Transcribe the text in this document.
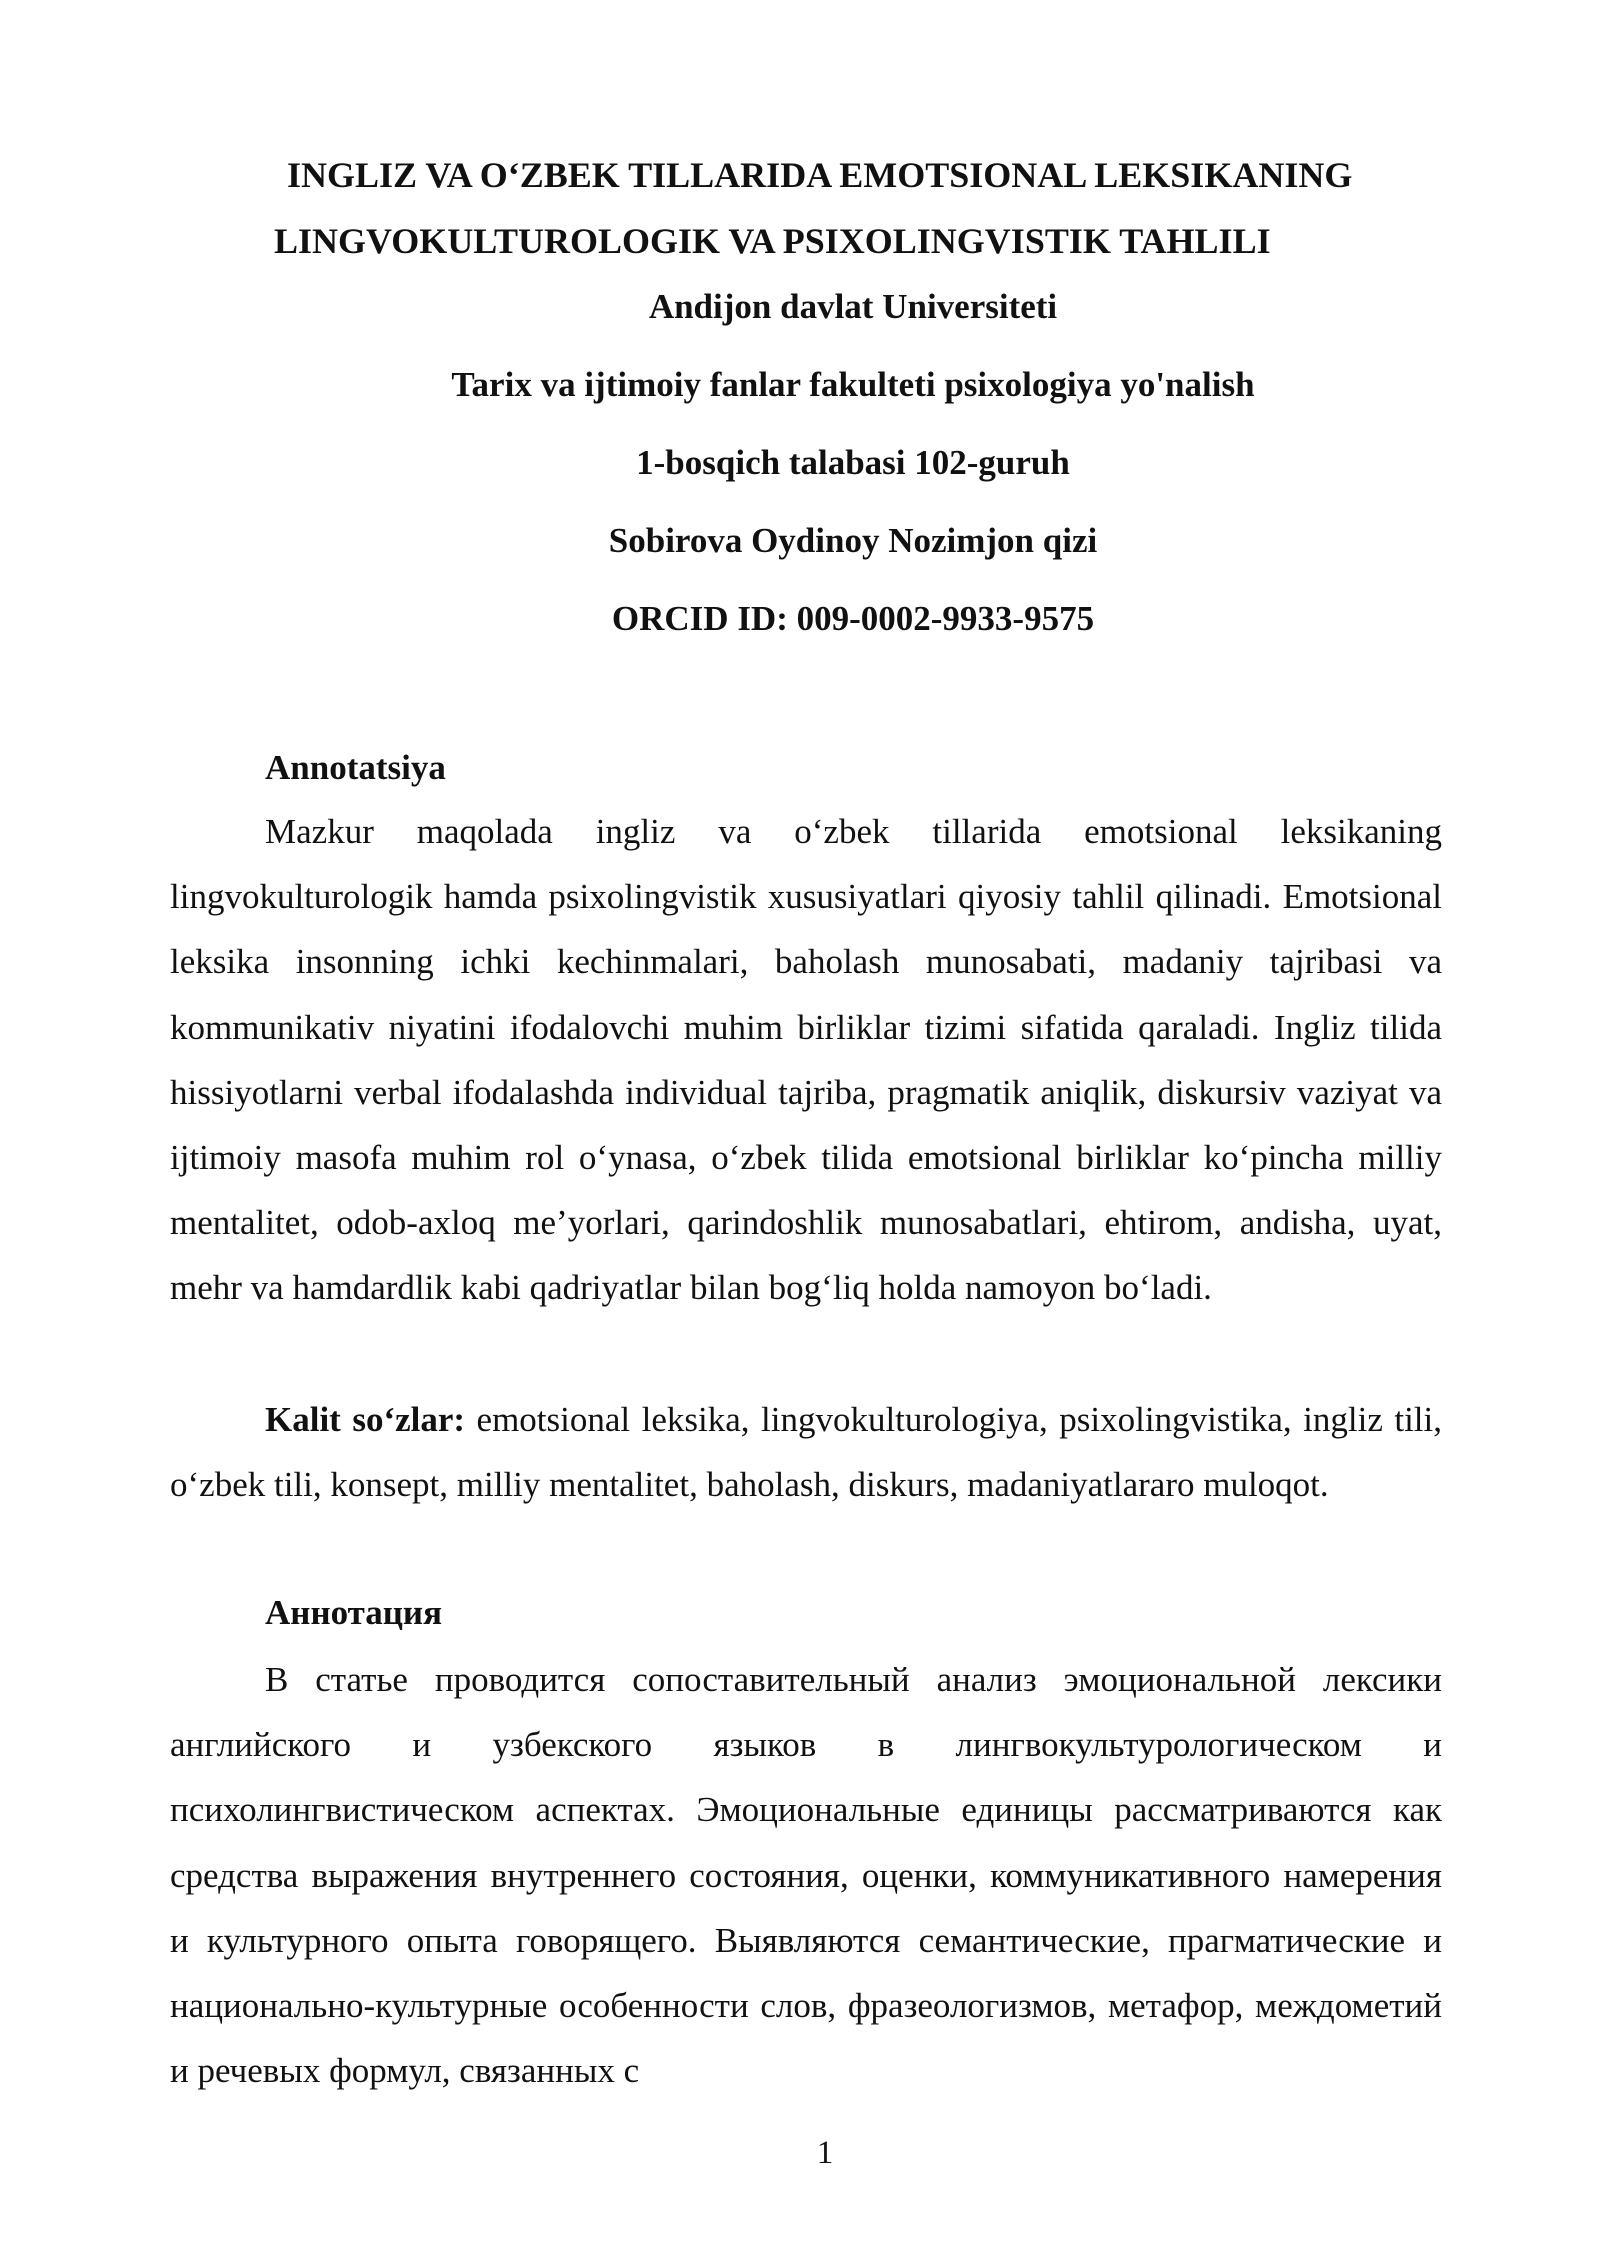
INGLIZ VA O‘ZBEK TILLARIDA EMOTSIONAL LEKSIKANING
LINGVOKULTUROLOGIK VA PSIXOLINGVISTIK TAHLILI
Andijon davlat Universiteti
Tarix va ijtimoiy fanlar fakulteti psixologiya yo'nalish
1-bosqich talabasi 102-guruh
Sobirova Oydinoy Nozimjon qizi
ORCID ID: 009-0002-9933-9575
Annotatsiya

Mazkur maqolada ingliz va o‘zbek tillarida emotsional leksikaning lingvokulturologik hamda psixolingvistik xususiyatlari qiyosiy tahlil qilinadi. Emotsional leksika insonning ichki kechinmalari, baholash munosabati, madaniy tajribasi va kommunikativ niyatini ifodalovchi muhim birliklar tizimi sifatida qaraladi. Ingliz tilida hissiyotlarni verbal ifodalashda individual tajriba, pragmatik aniqlik, diskursiv vaziyat va ijtimoiy masofa muhim rol o‘ynasa, o‘zbek tilida emotsional birliklar ko‘pincha milliy mentalitet, odob-axloq me’yorlari, qarindoshlik munosabatlari, ehtirom, andisha, uyat, mehr va hamdardlik kabi qadriyatlar bilan bog‘liq holda namoyon bo‘ladi.

Kalit so‘zlar: emotsional leksika, lingvokulturologiya, psixolingvistika, ingliz tili, o‘zbek tili, konsept, milliy mentalitet, baholash, diskurs, madaniyatlararo muloqot.

Аннотация

В статье проводится сопоставительный анализ эмоциональной лексики английского и узбекского языков в лингвокультурологическом и психолингвистическом аспектах. Эмоциональные единицы рассматриваются как средства выражения внутреннего состояния, оценки, коммуникативного намерения и культурного опыта говорящего. Выявляются семантические, прагматические и национально-культурные особенности слов, фразеологизмов, метафор, междометий и речевых формул, связанных с

1
